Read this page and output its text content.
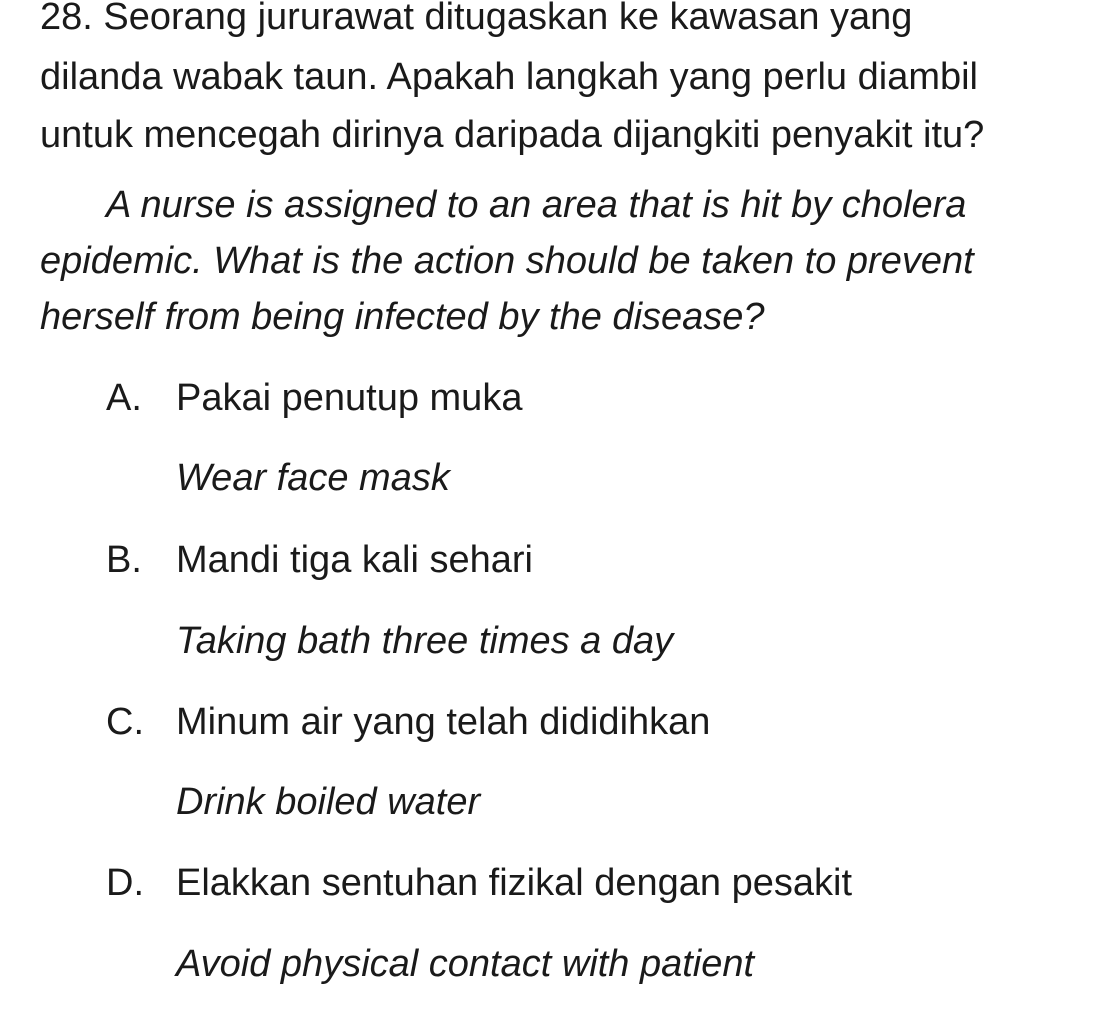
28. Seorang jururawat ditugaskan ke kawasan yang
dilanda wabak taun. Apakah langkah yang perlu diambil
untuk mencegah dirinya daripada dijangkiti penyakit itu?
A nurse is assigned to an area that is hit by cholera
epidemic. What is the action should be taken to prevent
herself from being infected by the disease?
A. Pakai penutup muka
Wear face mask
B. Mandi tiga kali sehari
Taking bath three times a day
C. Minum air yang telah dididihkan
Drink boiled water
D. Elakkan sentuhan fizikal dengan pesakit
Avoid physical contact with patient
